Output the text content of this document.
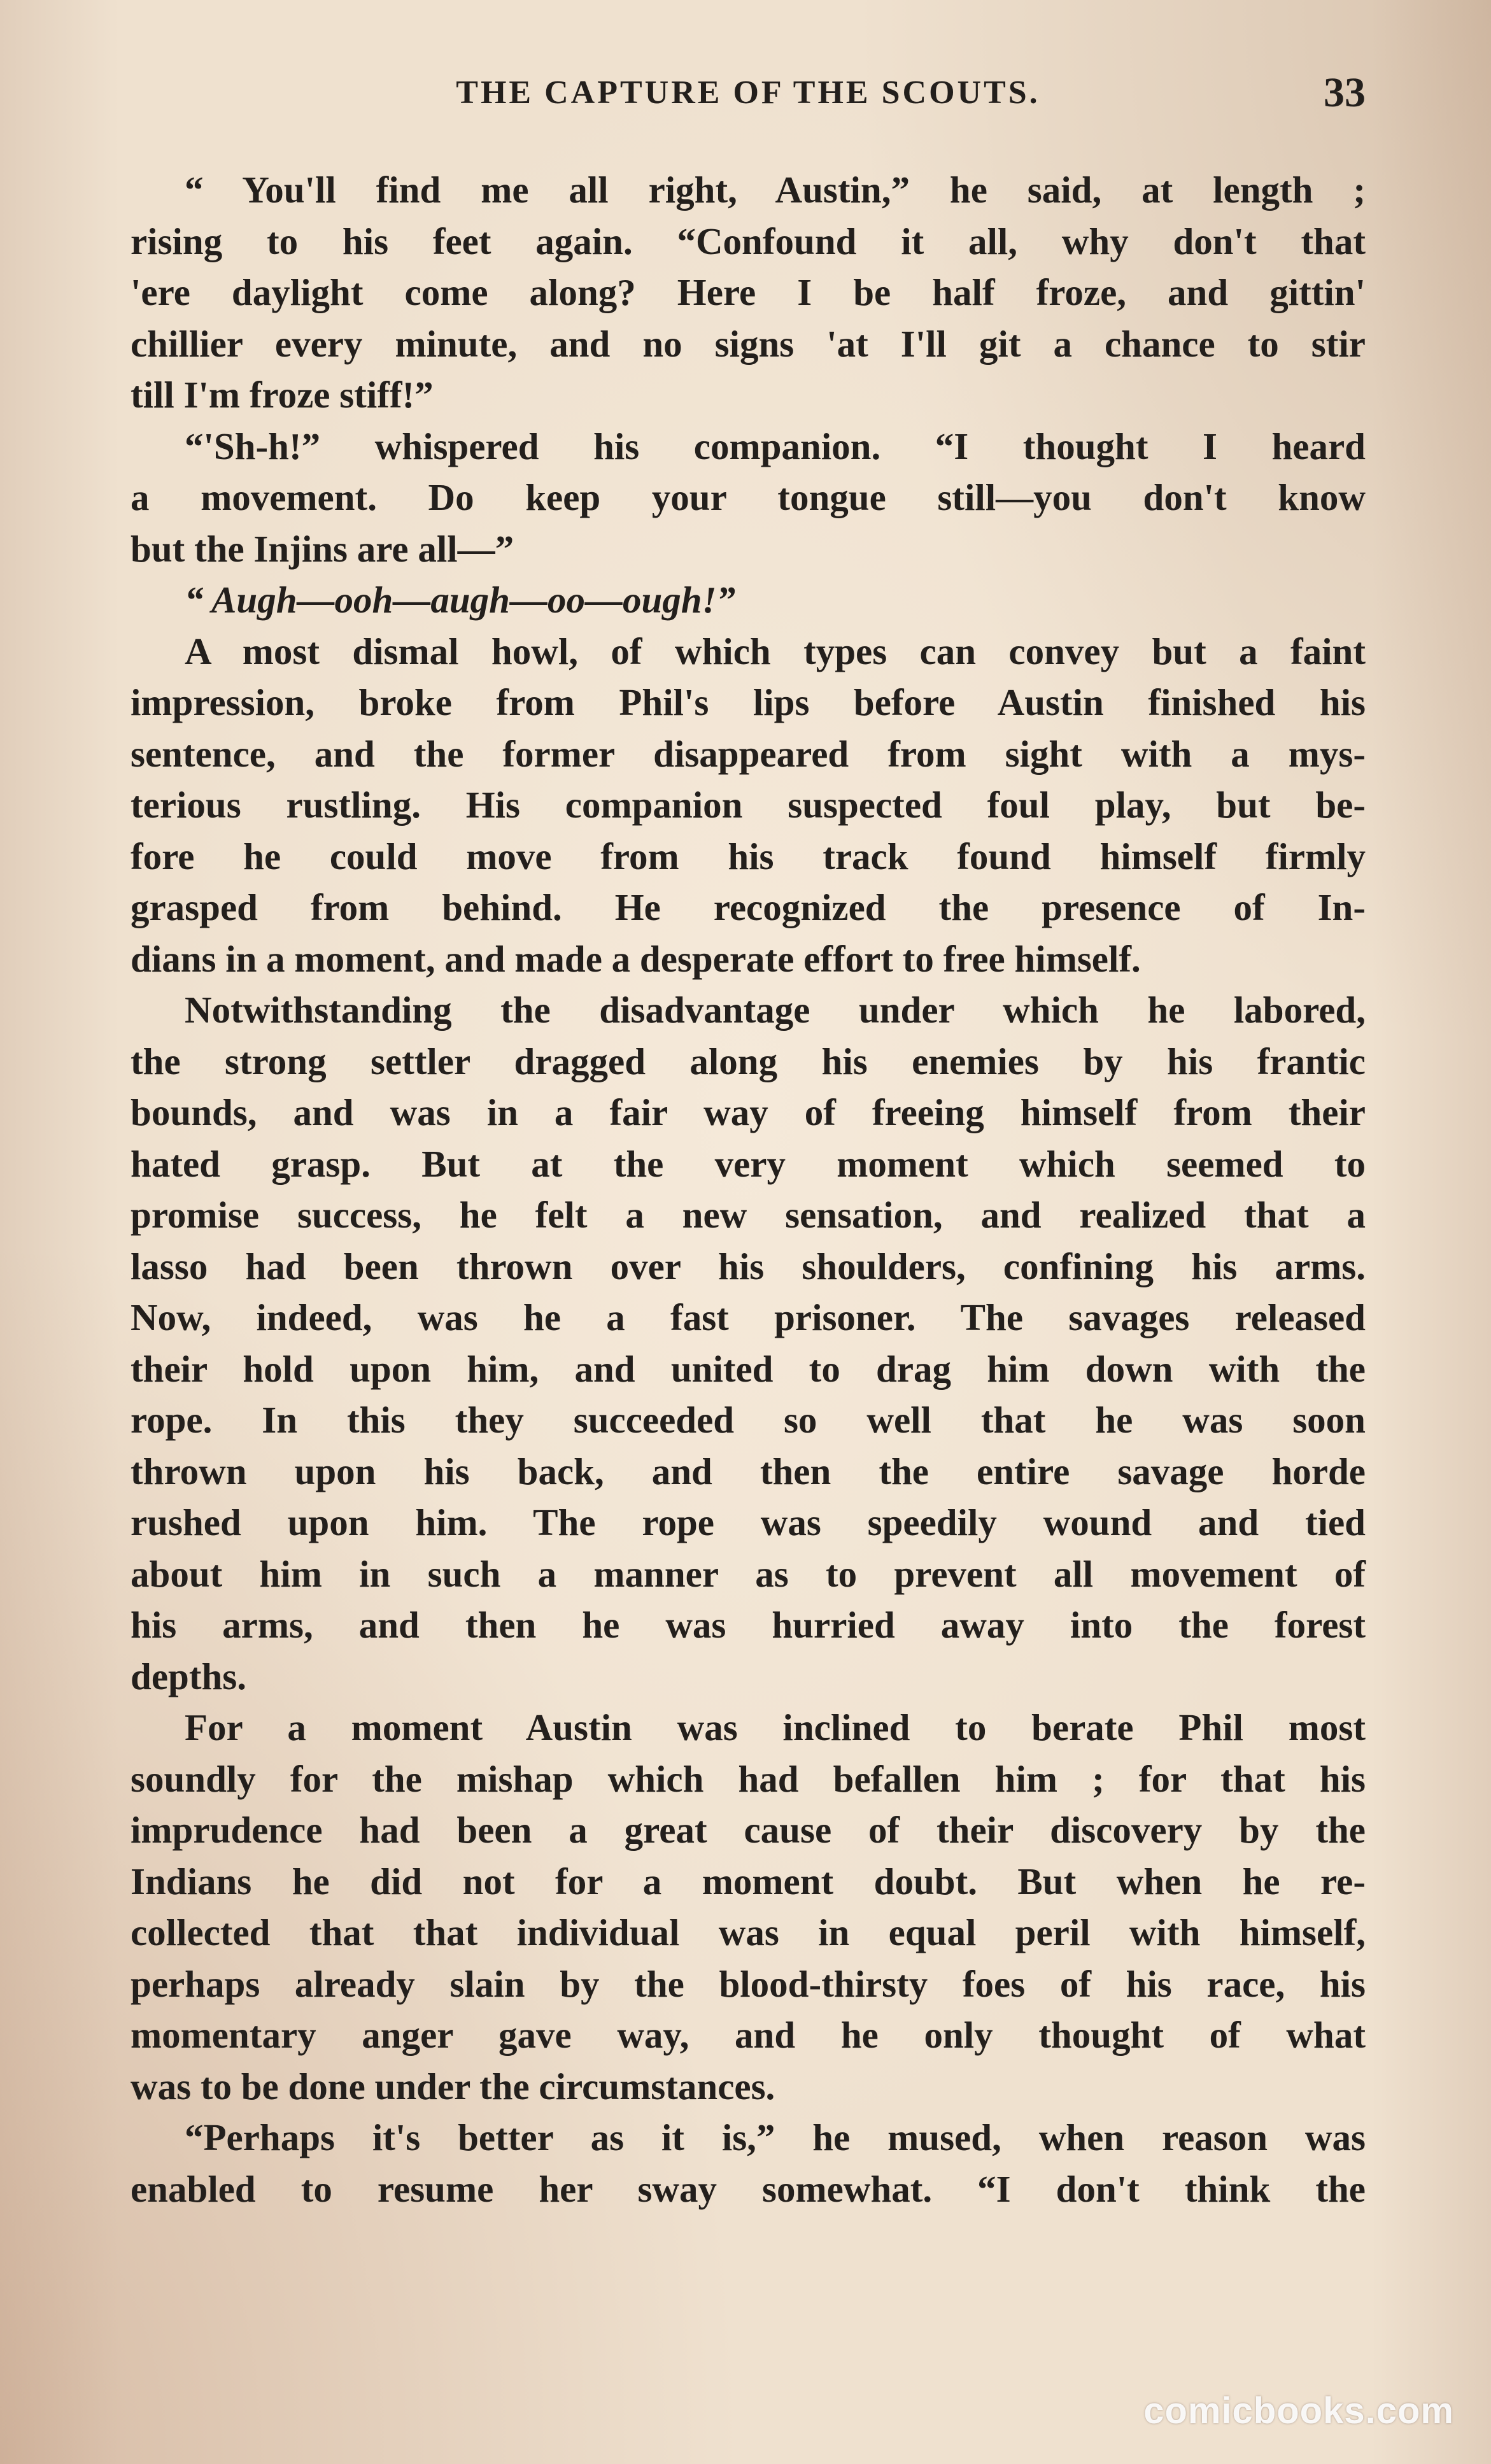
THE CAPTURE OF THE SCOUTS.	33
“ You'll find me all right, Austin,” he said, at length ;
rising to his feet again. “Confound it all, why don't that
'ere daylight come along? Here I be half froze, and gittin'
chillier every minute, and no signs 'at I'll git a chance to stir
till I'm froze stiff!”
“'Sh-h!” whispered his companion. “I thought I heard
a movement. Do keep your tongue still—you don't know
but the Injins are all—”
“ Augh—ooh—augh—oo—ough!”
A most dismal howl, of which types can convey but a faint
impression, broke from Phil's lips before Austin finished his
sentence, and the former disappeared from sight with a mys-
terious rustling. His companion suspected foul play, but be-
fore he could move from his track found himself firmly
grasped from behind. He recognized the presence of In-
dians in a moment, and made a desperate effort to free himself.
Notwithstanding the disadvantage under which he labored,
the strong settler dragged along his enemies by his frantic
bounds, and was in a fair way of freeing himself from their
hated grasp. But at the very moment which seemed to
promise success, he felt a new sensation, and realized that a
lasso had been thrown over his shoulders, confining his arms.
Now, indeed, was he a fast prisoner. The savages released
their hold upon him, and united to drag him down with the
rope. In this they succeeded so well that he was soon
thrown upon his back, and then the entire savage horde
rushed upon him. The rope was speedily wound and tied
about him in such a manner as to prevent all movement of
his arms, and then he was hurried away into the forest
depths.
For a moment Austin was inclined to berate Phil most
soundly for the mishap which had befallen him ; for that his
imprudence had been a great cause of their discovery by the
Indians he did not for a moment doubt. But when he re-
collected that that individual was in equal peril with himself,
perhaps already slain by the blood-thirsty foes of his race, his
momentary anger gave way, and he only thought of what
was to be done under the circumstances.
“Perhaps it's better as it is,” he mused, when reason was
enabled to resume her sway somewhat. “I don't think the
comicbooks.com
